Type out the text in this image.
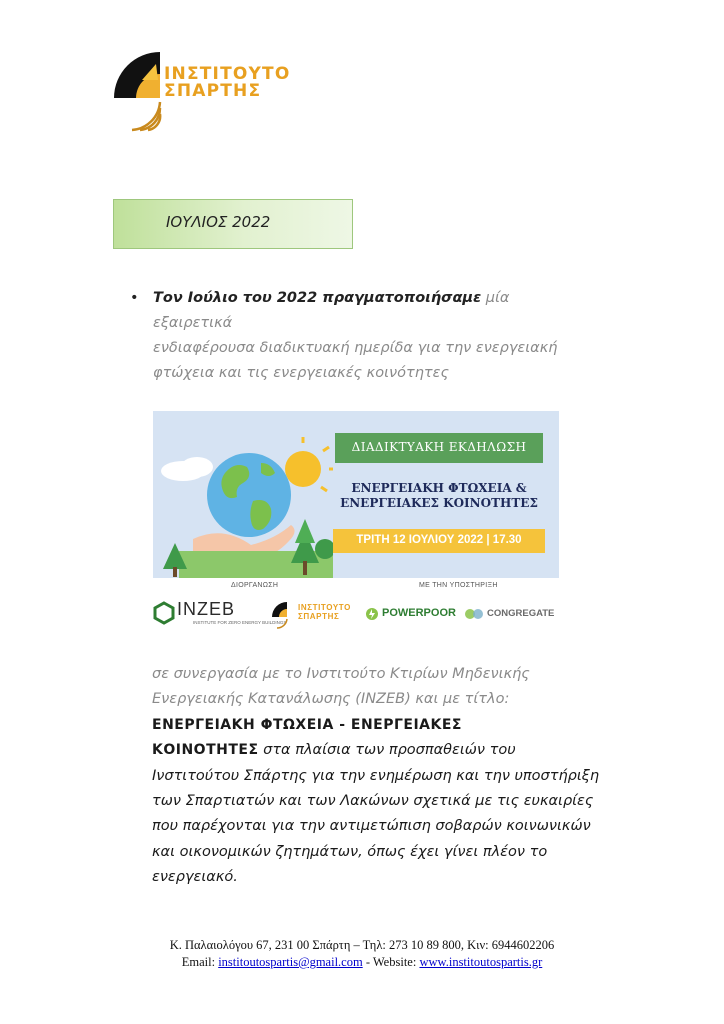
ΙΝΣΤΙΤΟΥΤΟ
ΣΠΑΡΤΗΣ
ΙΟΥΛΙΟΣ 2022
• Τον Ιούλιο του 2022 πραγματοποιήσαμε μία εξαιρετικά
ενδιαφέρουσα διαδικτυακή ημερίδα για την ενεργειακή
φτώχεια και τις ενεργειακές κοινότητες

ΔΙΑΔΙΚΤΥΑΚΗ ΕΚΔΗΛΩΣΗ
ΕΝΕΡΓΕΙΑΚΗ ΦΤΩΧΕΙΑ &
ΕΝΕΡΓΕΙΑΚΕΣ ΚΟΙΝΟΤΗΤΕΣ
ΤΡΙΤΗ 12 ΙΟΥΛΙΟΥ 2022 | 17.30
ΔΙΟΡΓΑΝΩΣΗ	ΜΕ ΤΗΝ ΥΠΟΣΤΗΡΙΞΗ
INZEB
INSTITUTE FOR ZERO ENERGY BUILDINGS
ΙΝΣΤΙΤΟΥΤΟ
ΣΠΑΡΤΗΣ	POWERPOOR	CONGREGATE
σε συνεργασία με το Ινστιτούτο Κτιρίων Μηδενικής
Ενεργειακής Κατανάλωσης (INZEB) και με τίτλο:
ΕΝΕΡΓΕΙΑΚΗ ΦΤΩΧΕΙΑ - ΕΝΕΡΓΕΙΑΚΕΣ
ΚΟΙΝΟΤΗΤΕΣ στα πλαίσια των προσπαθειών του
Ινστιτούτου Σπάρτης για την ενημέρωση και την υποστήριξη
των Σπαρτιατών και των Λακώνων σχετικά με τις ευκαιρίες
που παρέχονται για την αντιμετώπιση σοβαρών κοινωνικών
και οικονομικών ζητημάτων, όπως έχει γίνει πλέον το
ενεργειακό.
Κ. Παλαιολόγου 67, 231 00 Σπάρτη – Τηλ: 273 10 89 800, Κιν: 6944602206
Email: institoutospartis@gmail.com - Website: www.institoutospartis.gr
